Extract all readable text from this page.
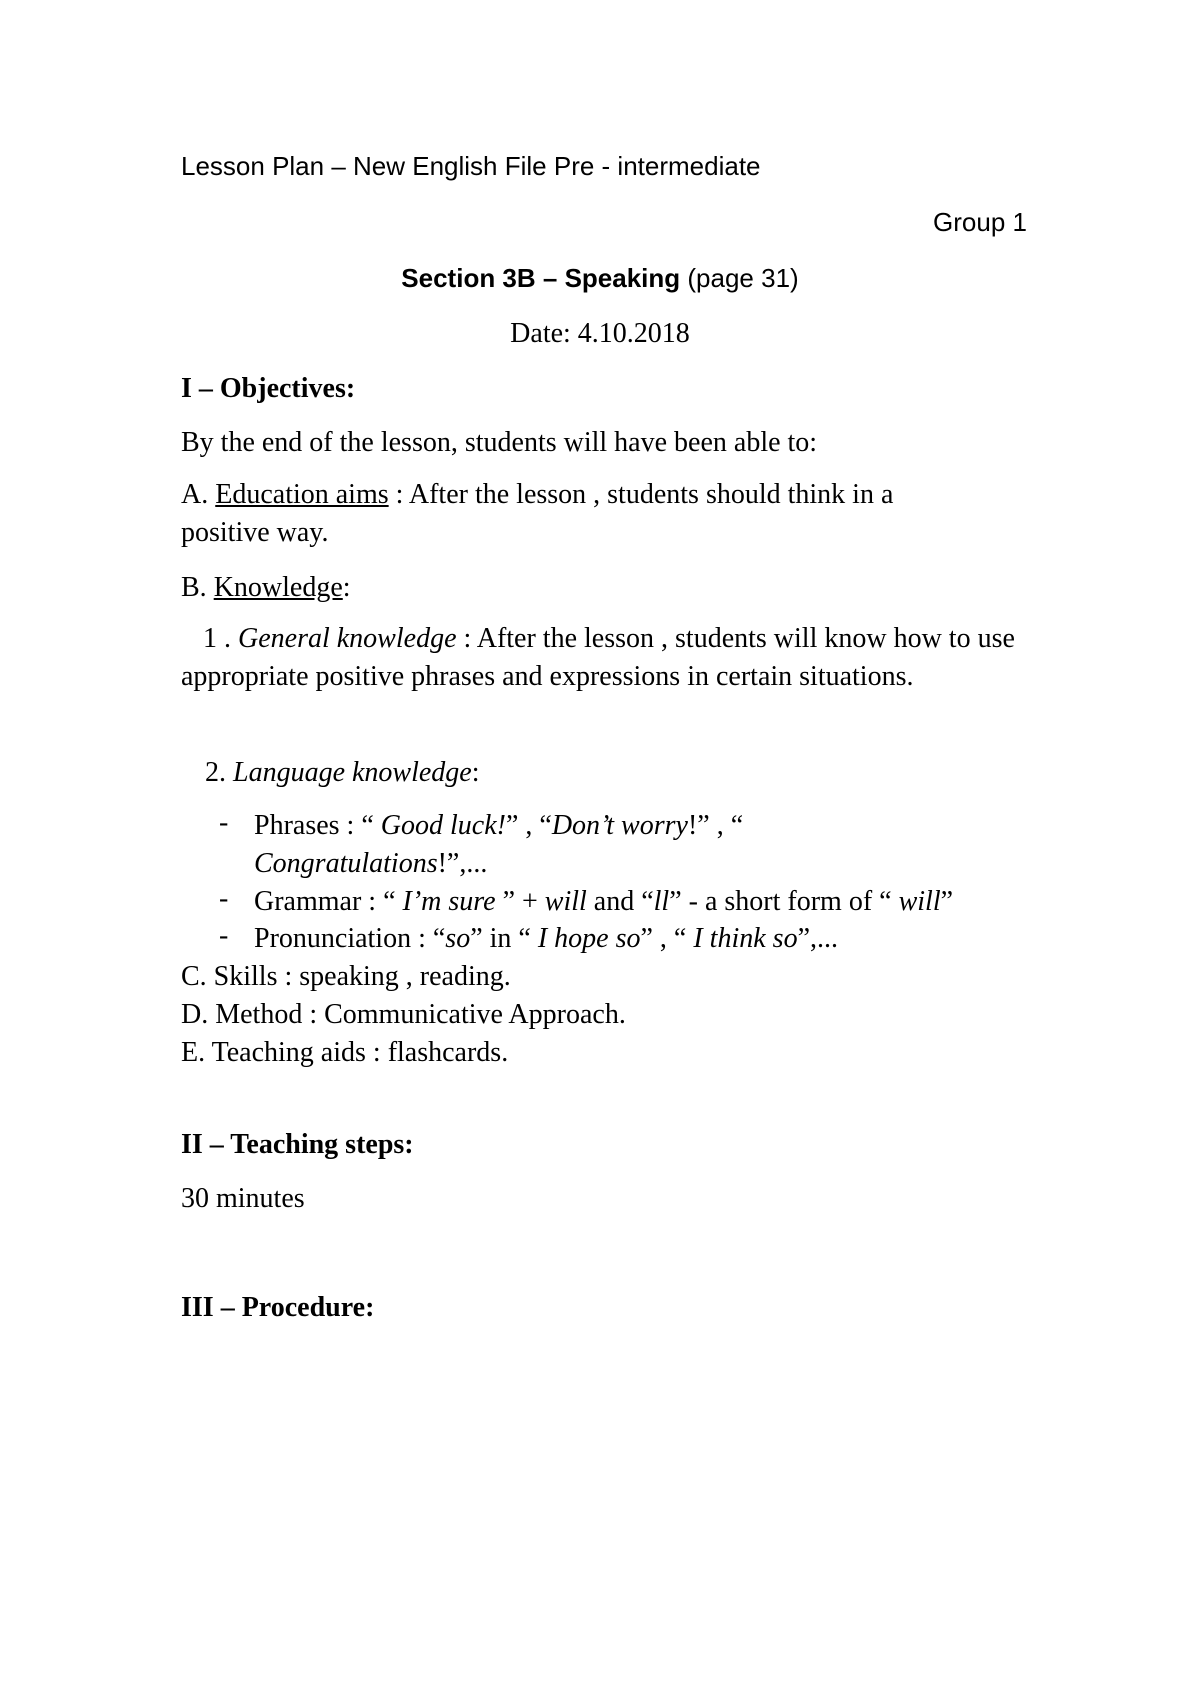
Lesson Plan – New English File Pre - intermediate
Group 1
Section 3B – Speaking (page 31)
Date: 4.10.2018
I – Objectives:
By the end of the lesson, students will have been able to:
A. Education aims : After the lesson , students should think in a positive way.
B. Knowledge:
1 . General knowledge : After the lesson , students will know how to use appropriate positive phrases and expressions in certain situations.
2. Language knowledge:
- Phrases : “ Good luck!” , “Don’t worry!” , “
Congratulations!”,...
- Grammar : “ I’m sure ” + will and “ll” - a short form of “ will”
- Pronunciation : “so” in “ I hope so” , “ I think so”,...
C. Skills : speaking , reading.
D. Method : Communicative Approach.
E. Teaching aids : flashcards.
II – Teaching steps:
30 minutes
III – Procedure:
